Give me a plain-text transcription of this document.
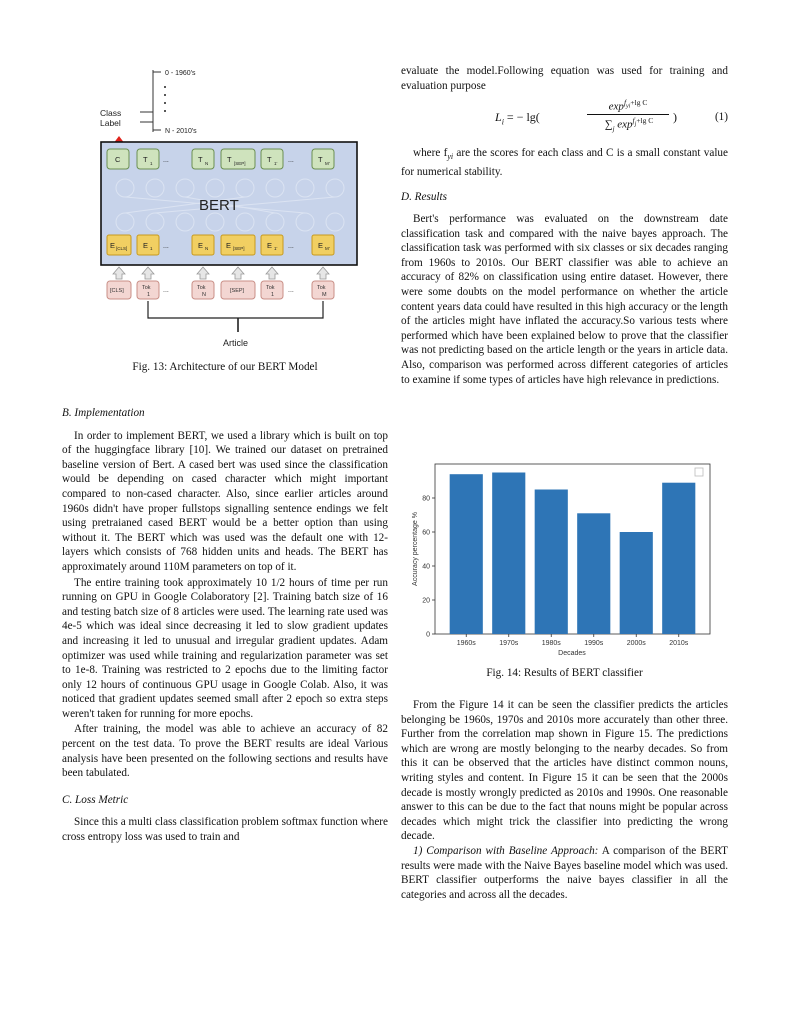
0 - 1960's
N - 2010's
Class
Label
BERT
C	T 1 ...	T N	T [SEP]	T 1' ...	T M'
E [CLS] E 1 ...	E N E [SEP]	E 1' ...	E M'
[CLS]	Tok
1
...	Tok
N
[SEP]	Tok
1
...	Tok
M
Article
Fig. 13: Architecture of our BERT Model
B. Implementation

In order to implement BERT, we used a library which is built on top of the huggingface library [10]. We trained our dataset on pretrained baseline version of Bert. A cased bert was used since the classification would be depending on cased character which might important compared to non-cased character. Also, since earlier articles around 1960s didn't have proper fullstops signalling sentence endings we felt using pretraianed cased BERT would be a better option than using without it. The BERT which was used was the default one with 12-layers which consists of 768 hidden units and heads. The BERT has approximately around 110M parameters on top of it.

The entire training took approximately 10 1/2 hours of time per run running on GPU in Google Colaboratory [2]. Training batch size of 16 and testing batch size of 8 articles were used. The learning rate used was 4e-5 which was ideal since decreasing it led to slow gradient updates and increasing it led to unusual and irregular gradient updates. Adam optimizer was used while training and regularization parameter was set to 1e-8. Training was restricted to 2 epochs due to the limiting factor only 12 hours of continuous GPU usage in Google Colab. Also, it was noticed that gradient updates seemed small after 2 epoch so extra steps weren't taken for running for more epochs.

After training, the model was able to achieve an accuracy of 82 percent on the test data. To prove the BERT results are ideal Various analysis have been presented on the following sections and results have been tabulated.

C. Loss Metric

Since this a multi class classification problem softmax function where cross entropy loss was used to train and

evaluate the model.Following equation was used for training and evaluation purpose

$L_i$ = − lg(
$\exp^{f_{yi}+lg C}$
$\sum_j$ $\exp^{f_j+lg C}$	)	(1)

where $f_{yi}$ are the scores for each class and C is a small constant value for numerical stability.

D. Results

Bert's performance was evaluated on the downstream date classification task and compared with the naive bayes approach. The classification task was performed with six classes or six decades ranging from 1960s to 2010s. Our BERT classifier was able to achieve an accuracy of 82% on classification using entire dataset. However, there were some doubts on the model performance on whether the article content years data could have resulted in this high accuracy or the length of the articles might have inflated the accuracy.So various tests where performed which have been explained below to prove that the classifier was not predicting based on the article length or the years in article data. Also, comparison was performed across different categories of articles to examine if some types of articles have high relevance in predictions.

0
20
40
60
80
1960s	1970s	1980s	1990s	2000s	2010s
Decades
Accuracy percentage %
Fig. 14: Results of BERT classifier

From the Figure 14 it can be seen the classifier predicts the articles belonging be 1960s, 1970s and 2010s more accurately than other three. Further from the correlation map shown in Figure 15. The predictions which are wrong are mostly belonging to the nearby decades. So from this it can be observed that the articles have distinct common nouns, writing styles and content. In Figure 15 it can be seen that the 2000s decade is mostly wrongly predicted as 2010s and 1990s. One reasonable answer to this can be due to the fact that nouns might be popular across decades which might trick the classifier into predicting the wrong decade.

1) Comparison with Baseline Approach: A comparison of the BERT results were made with the Naive Bayes baseline model which was used. BERT classifier outperforms the naive bayes classifier in all the categories and across all the decades.
